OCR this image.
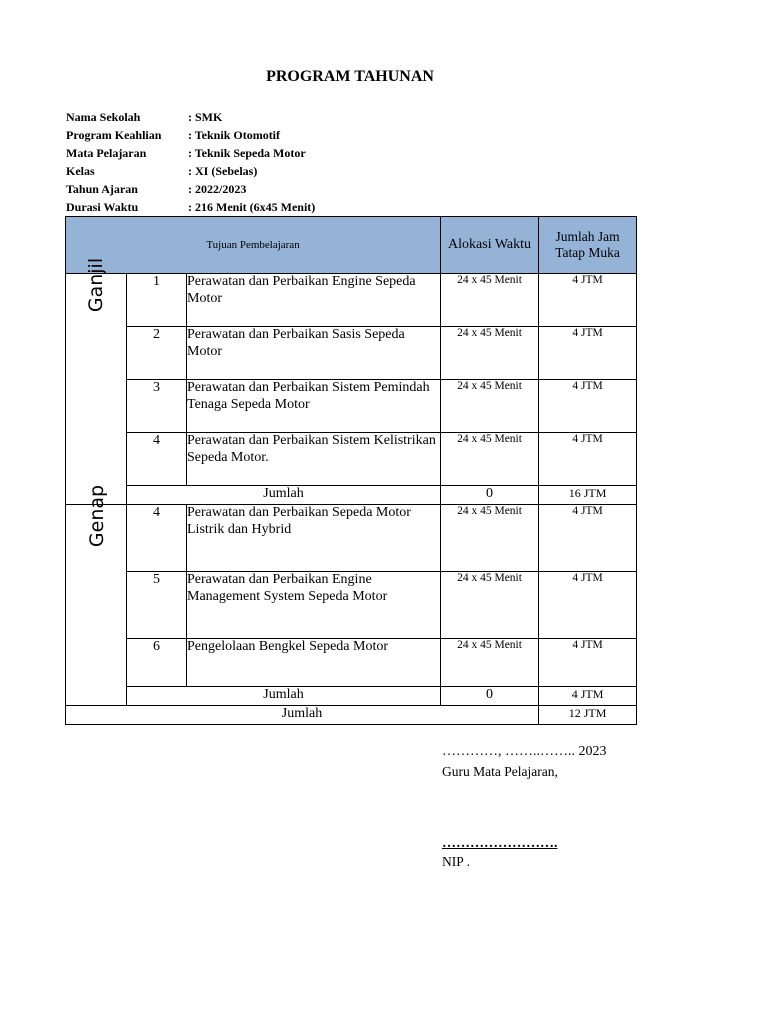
PROGRAM TAHUNAN
Nama Sekolah	: SMK
Program Keahlian	: Teknik Otomotif
Mata Pelajaran	: Teknik Sepeda Motor
Kelas	: XI (Sebelas)
Tahun Ajaran	: 2022/2023
Durasi Waktu	: 216 Menit (6x45 Menit)
Tujuan Pembelajaran			Alokasi Waktu	Jumlah Jam Tatap Muka
Ganjil	1	Perawatan dan Perbaikan Engine Sepeda Motor	24 x 45 Menit	4 JTM
	2	Perawatan dan Perbaikan Sasis Sepeda Motor	24 x 45 Menit	4 JTM
	3	Perawatan dan Perbaikan Sistem Pemindah Tenaga Sepeda Motor	24 x 45 Menit	4 JTM
	4	Perawatan dan Perbaikan Sistem Kelistrikan Sepeda Motor.	24 x 45 Menit	4 JTM
	Jumlah		0	16 JTM
Genap	4	Perawatan dan Perbaikan Sepeda Motor Listrik dan Hybrid	24 x 45 Menit	4 JTM
	5	Perawatan dan Perbaikan Engine Management System Sepeda Motor	24 x 45 Menit	4 JTM
	6	Pengelolaan Bengkel Sepeda Motor	24 x 45 Menit	4 JTM
	Jumlah		0	4 JTM
Jumlah				12 JTM
…………, ……..…….. 2023
Guru Mata Pelajaran,
…………………….
NIP .
